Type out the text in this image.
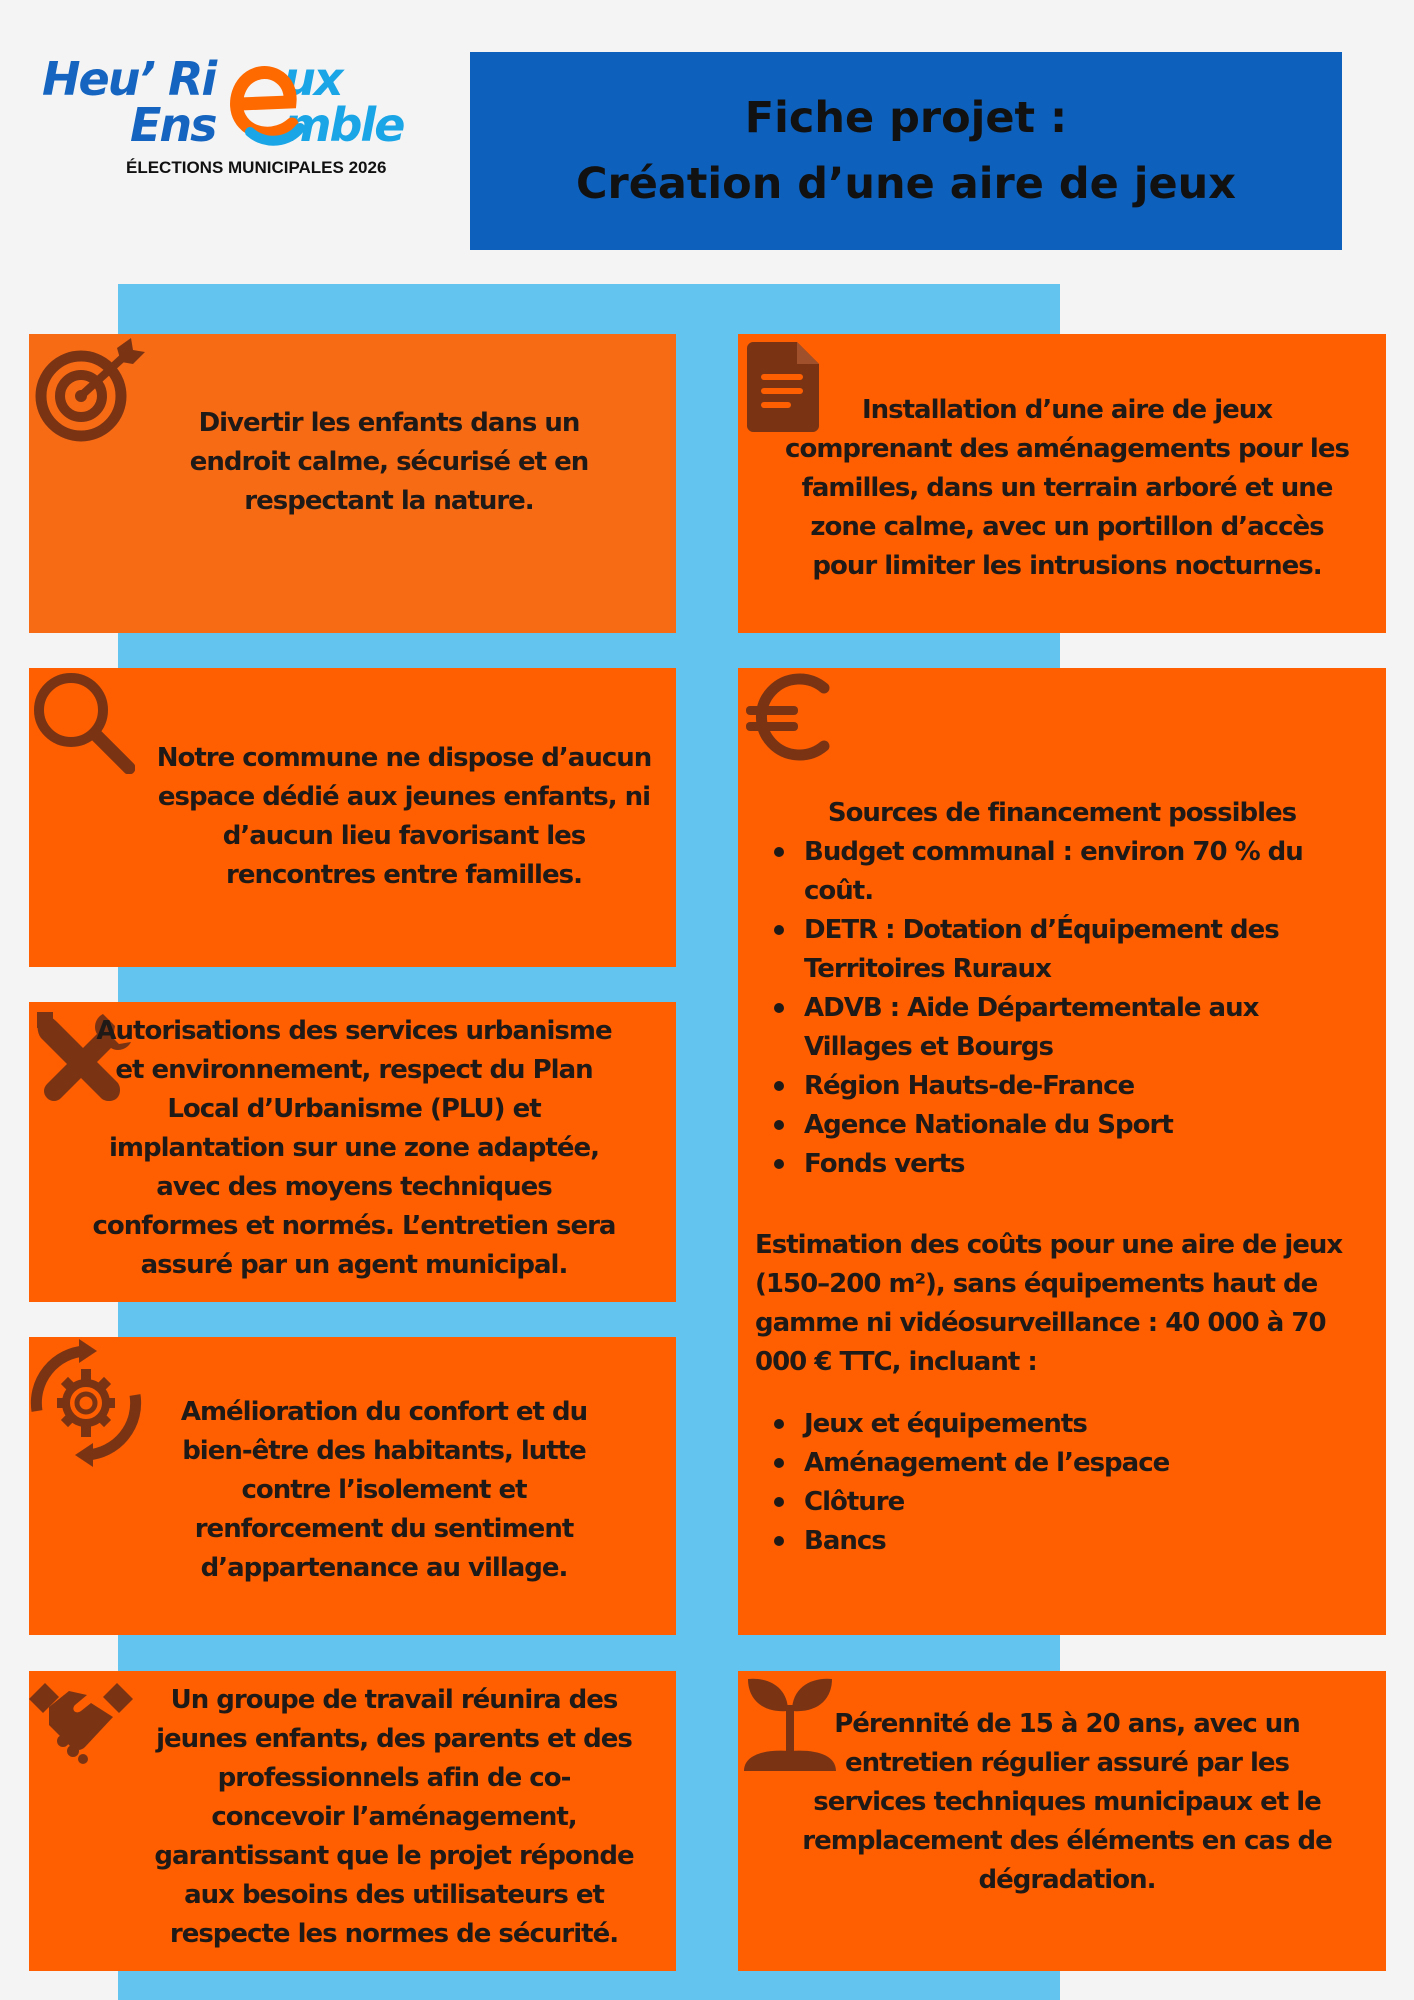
Heu’ Ri ux
Ens mble
ÉLECTIONS MUNICIPALES 2026
Fiche projet :
Création d’une aire de jeux
Divertir les enfants dans un
endroit calme, sécurisé et en
respectant la nature.
Installation d’une aire de jeux
comprenant des aménagements pour les
familles, dans un terrain arboré et une
zone calme, avec un portillon d’accès
pour limiter les intrusions nocturnes.
Notre commune ne dispose d’aucun
espace dédié aux jeunes enfants, ni
d’aucun lieu favorisant les
rencontres entre familles.
Autorisations des services urbanisme
et environnement, respect du Plan
Local d’Urbanisme (PLU) et
implantation sur une zone adaptée,
avec des moyens techniques
conformes et normés. L’entretien sera
assuré par un agent municipal.
Amélioration du confort et du
bien-être des habitants, lutte
contre l’isolement et
renforcement du sentiment
d’appartenance au village.
Un groupe de travail réunira des
jeunes enfants, des parents et des
professionnels afin de co-
concevoir l’aménagement,
garantissant que le projet réponde
aux besoins des utilisateurs et
respecte les normes de sécurité.
Sources de financement possibles
Budget communal : environ 70 % du coût.
DETR : Dotation d’Équipement des Territoires Ruraux
ADVB : Aide Départementale aux Villages et Bourgs
Région Hauts-de-France
Agence Nationale du Sport
Fonds verts
Estimation des coûts pour une aire de jeux (150–200 m²), sans équipements haut de gamme ni vidéosurveillance : 40 000 à 70 000 € TTC, incluant :
Jeux et équipements
Aménagement de l’espace
Clôture
Bancs
Pérennité de 15 à 20 ans, avec un
entretien régulier assuré par les
services techniques municipaux et le
remplacement des éléments en cas de
dégradation.
